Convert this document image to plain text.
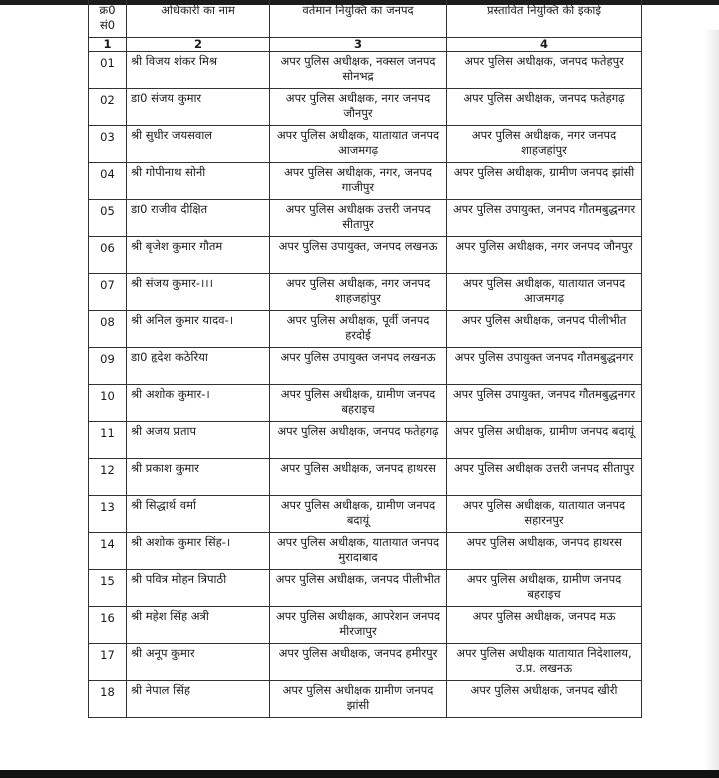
क्र0 सं0	अधिकारी का नाम	वर्तमान नियुक्ति का जनपद	प्रस्तावित नियुक्ति की इकाई
1	2	3	4
01	श्री विजय शंकर मिश्र	अपर पुलिस अधीक्षक, नक्सल जनपद सोनभद्र	अपर पुलिस अधीक्षक, जनपद फतेहपुर
02	डा0 संजय कुमार	अपर पुलिस अधीक्षक, नगर जनपद जौनपुर	अपर पुलिस अधीक्षक, जनपद फतेहगढ़
03	श्री सुधीर जयसवाल	अपर पुलिस अधीक्षक, यातायात जनपद आजमगढ़	अपर पुलिस अधीक्षक, नगर जनपद शाहजहांपुर
04	श्री गोपीनाथ सोनी	अपर पुलिस अधीक्षक, नगर, जनपद गाजीपुर	अपर पुलिस अधीक्षक, ग्रामीण जनपद झांसी
05	डा0 राजीव दीक्षित	अपर पुलिस अधीक्षक उत्तरी जनपद सीतापुर	अपर पुलिस उपायुक्त, जनपद गौतमबुद्धनगर
06	श्री बृजेश कुमार गौतम	अपर पुलिस उपायुक्त, जनपद लखनऊ	अपर पुलिस अधीक्षक, नगर जनपद जौनपुर
07	श्री संजय कुमार-।।।	अपर पुलिस अधीक्षक, नगर जनपद शाहजहांपुर	अपर पुलिस अधीक्षक, यातायात जनपद आजमगढ़
08	श्री अनिल कुमार यादव-।	अपर पुलिस अधीक्षक, पूर्वी जनपद हरदोई	अपर पुलिस अधीक्षक, जनपद पीलीभीत
09	डा0 हृदेश कठेरिया	अपर पुलिस उपायुक्त जनपद लखनऊ	अपर पुलिस उपायुक्त जनपद गौतमबुद्धनगर
10	श्री अशोक कुमार-।	अपर पुलिस अधीक्षक, ग्रामीण जनपद बहराइच	अपर पुलिस उपायुक्त, जनपद गौतमबुद्धनगर
11	श्री अजय प्रताप	अपर पुलिस अधीक्षक, जनपद फतेहगढ़	अपर पुलिस अधीक्षक, ग्रामीण जनपद बदायूं
12	श्री प्रकाश कुमार	अपर पुलिस अधीक्षक, जनपद हाथरस	अपर पुलिस अधीक्षक उत्तरी जनपद सीतापुर
13	श्री सिद्धार्थ वर्मा	अपर पुलिस अधीक्षक, ग्रामीण जनपद बदायूं	अपर पुलिस अधीक्षक, यातायात जनपद सहारनपुर
14	श्री अशोक कुमार सिंह-।	अपर पुलिस अधीक्षक, यातायात जनपद मुरादाबाद	अपर पुलिस अधीक्षक, जनपद हाथरस
15	श्री पवित्र मोहन त्रिपाठी	अपर पुलिस अधीक्षक, जनपद पीलीभीत	अपर पुलिस अधीक्षक, ग्रामीण जनपद बहराइच
16	श्री महेश सिंह अत्री	अपर पुलिस अधीक्षक, आपरेशन जनपद मीरजापुर	अपर पुलिस अधीक्षक, जनपद मऊ
17	श्री अनूप कुमार	अपर पुलिस अधीक्षक, जनपद हमीरपुर	अपर पुलिस अधीक्षक यातायात निदेशालय, उ.प्र. लखनऊ
18	श्री नेपाल सिंह	अपर पुलिस अधीक्षक ग्रामीण जनपद झांसी	अपर पुलिस अधीक्षक, जनपद खीरी
